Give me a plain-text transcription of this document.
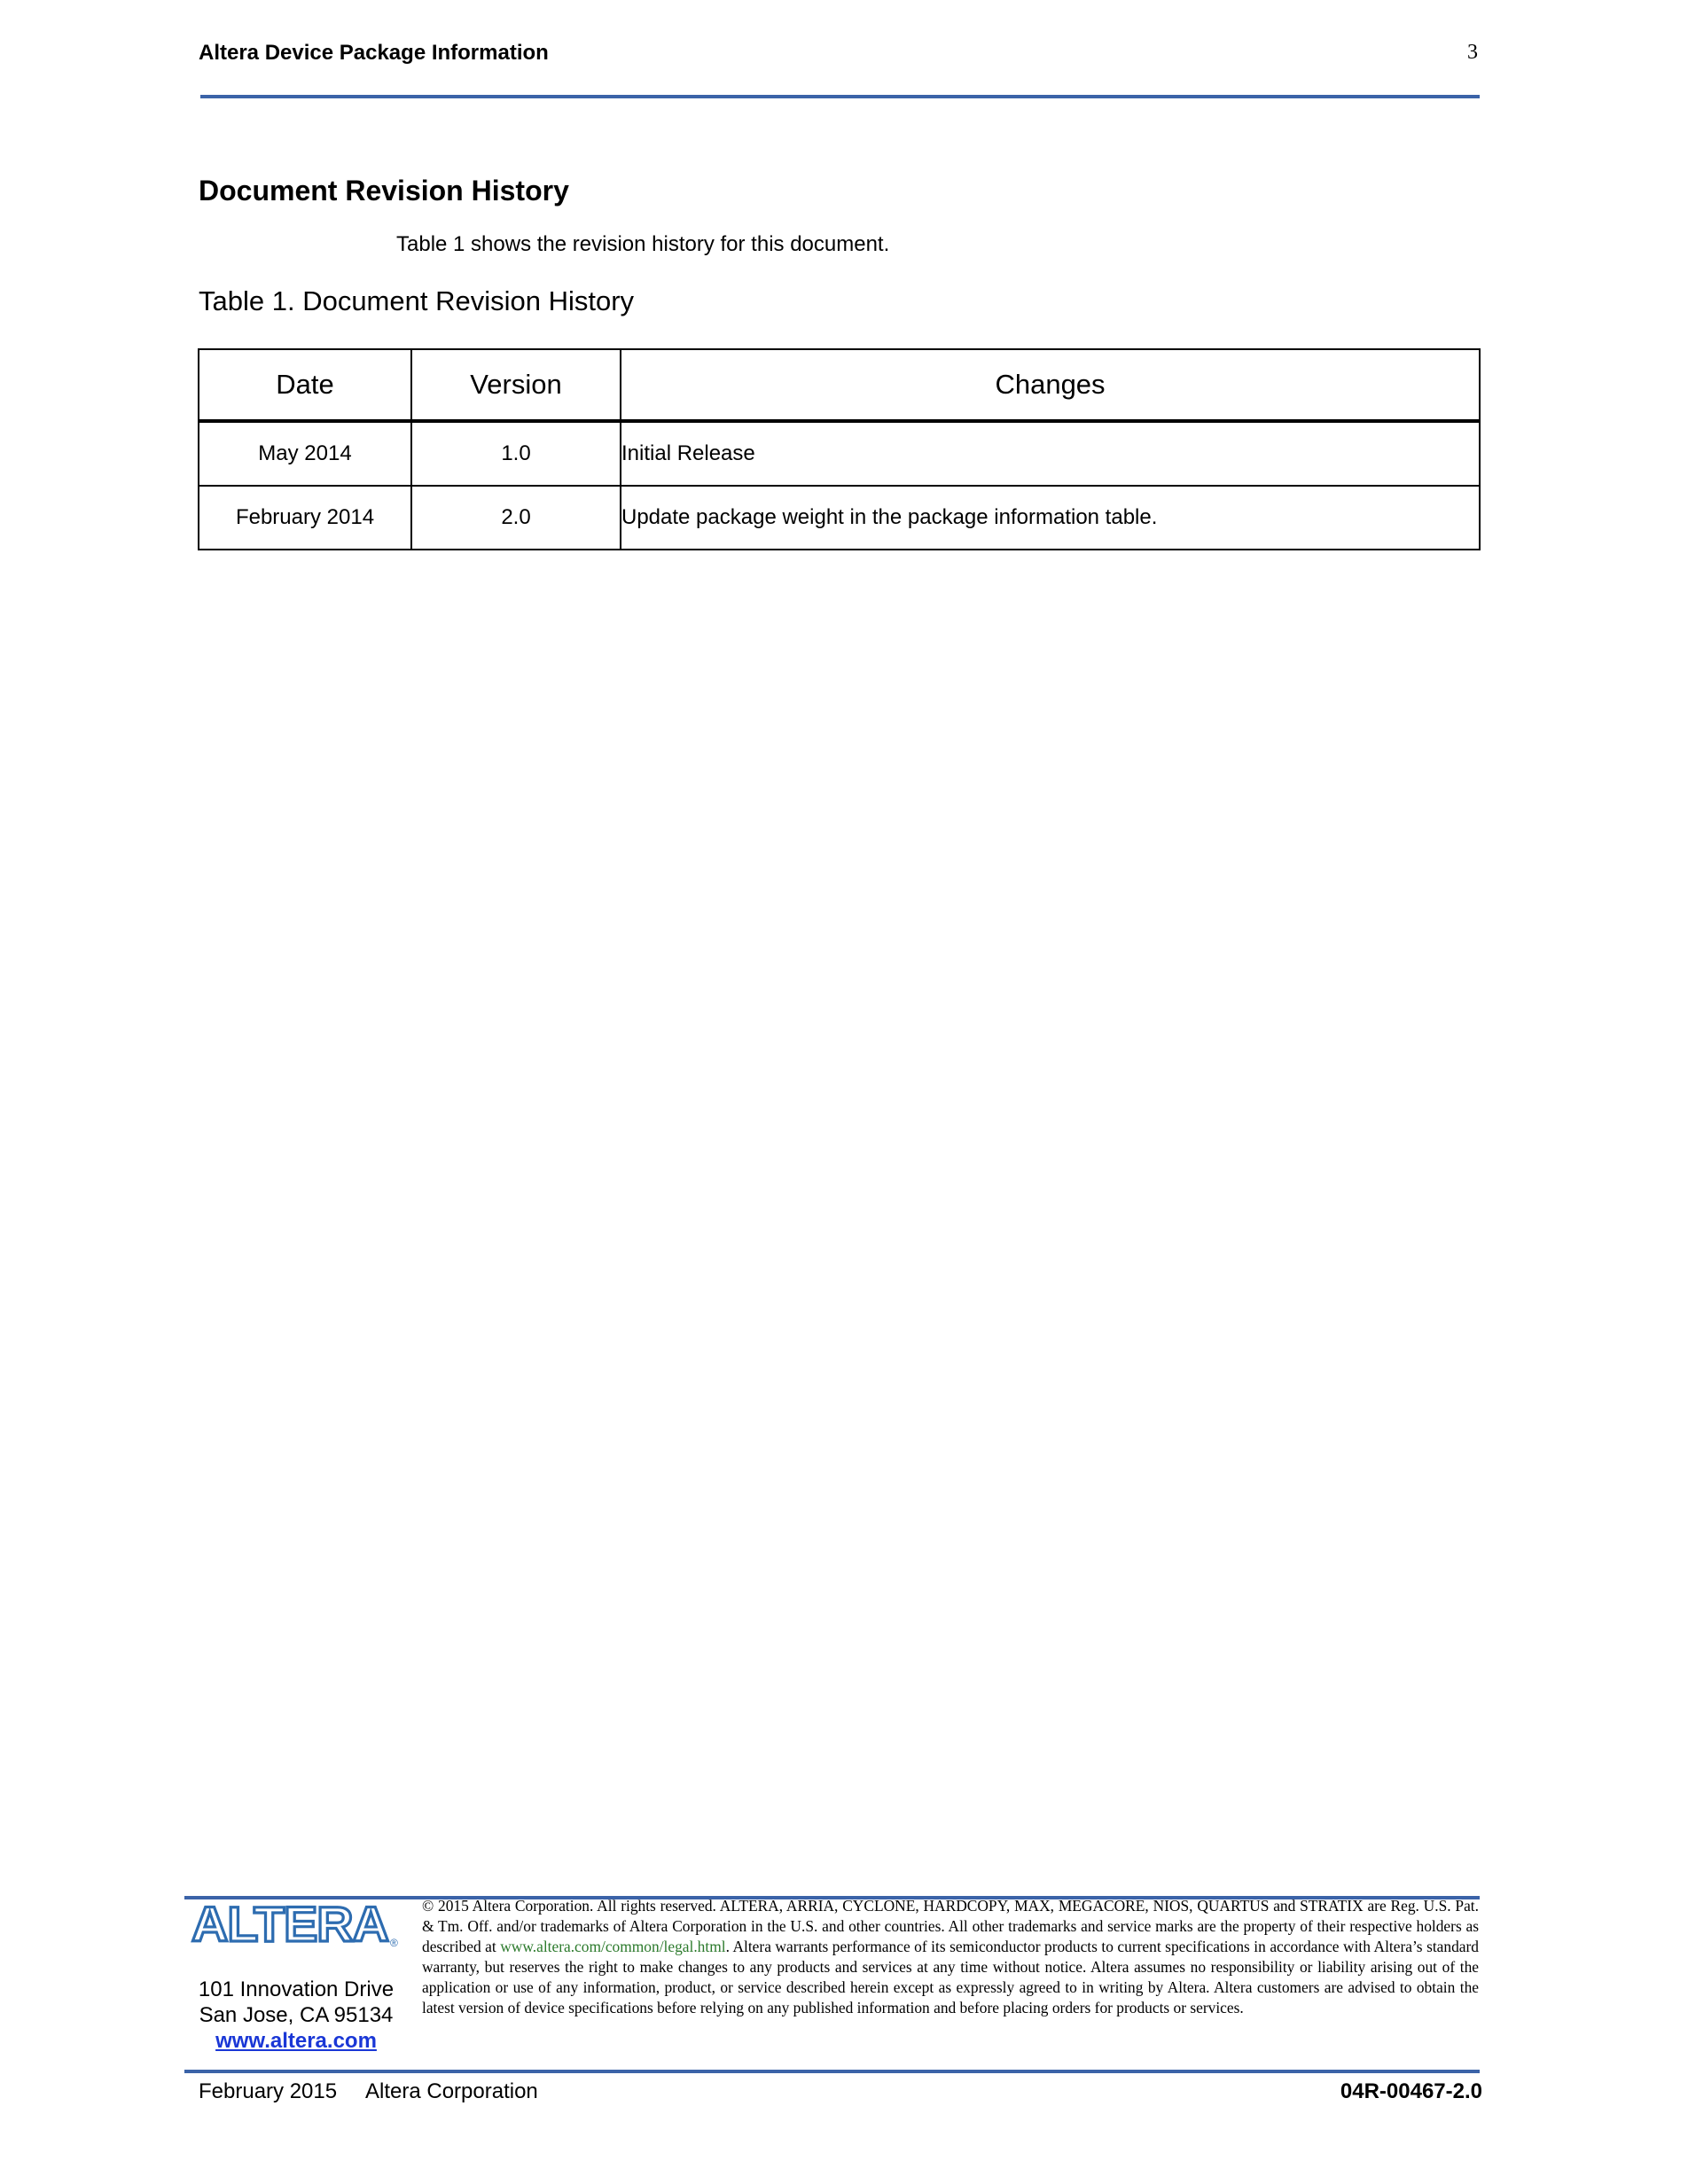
Altera Device Package Information	3
Document Revision History
Table 1 shows the revision history for this document.
Table 1. Document Revision History
Date	Version	Changes
May 2014	1.0	Initial Release
February 2014	2.0	Update package weight in the package information table.
ALTERA ®
101 Innovation Drive
San Jose, CA 95134
www.altera.com
© 2015 Altera Corporation. All rights reserved. ALTERA, ARRIA, CYCLONE, HARDCOPY, MAX, MEGACORE, NIOS, QUARTUS and STRATIX are Reg. U.S. Pat. & Tm. Off. and/or trademarks of Altera Corporation in the U.S. and other countries. All other trademarks and service marks are the property of their respective holders as described at www.altera.com/common/legal.html. Altera warrants performance of its semiconductor products to current specifications in accordance with Altera’s standard warranty, but reserves the right to make changes to any products and services at any time without notice. Altera assumes no responsibility or liability arising out of the application or use of any information, product, or service described herein except as expressly agreed to in writing by Altera. Altera customers are advised to obtain the latest version of device specifications before relying on any published information and before placing orders for products or services.
February 2015 Altera Corporation	04R-00467-2.0
